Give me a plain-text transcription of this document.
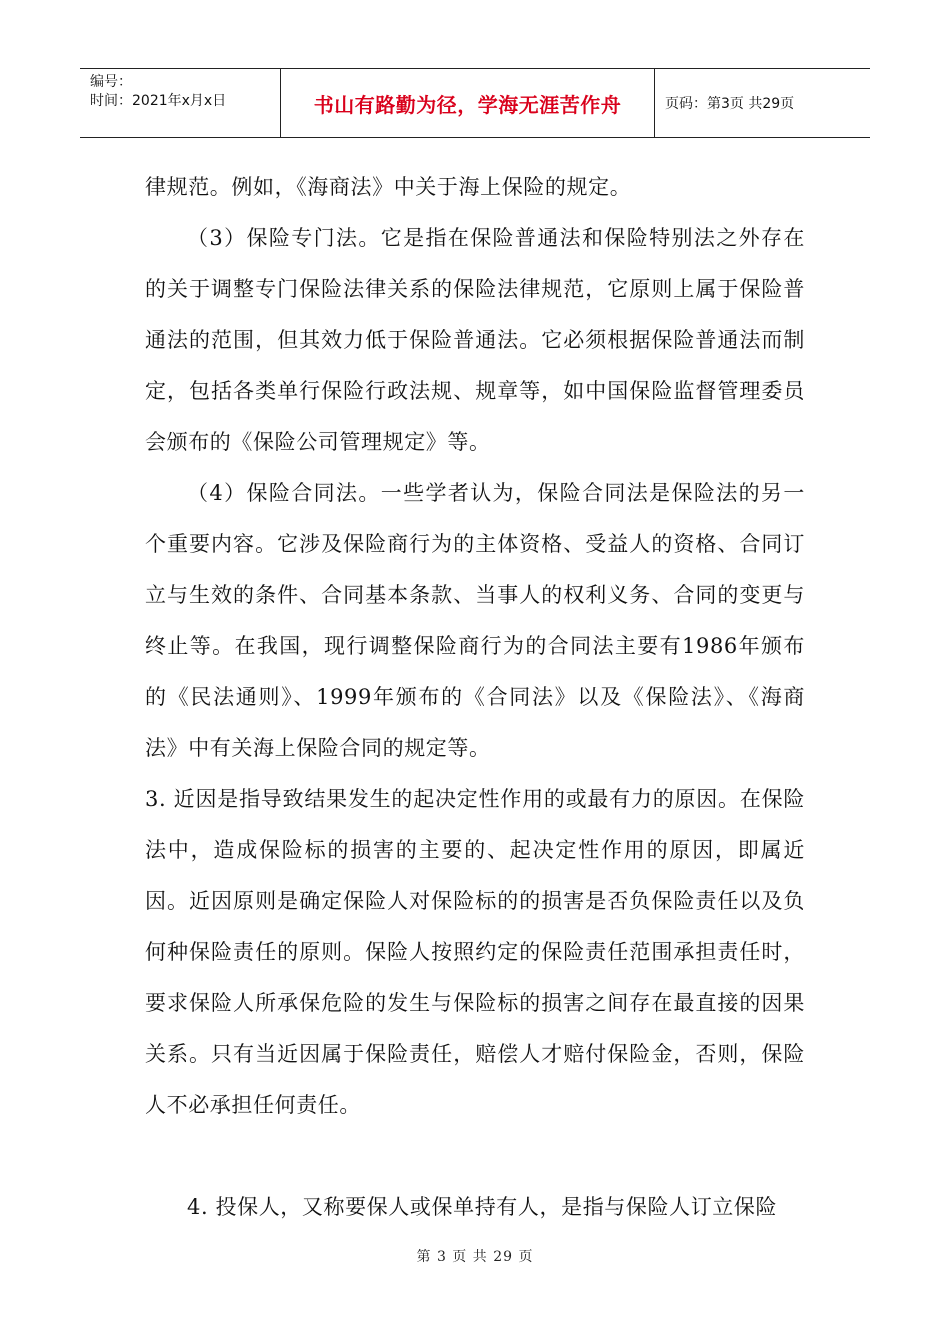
编号：
时间：2021年x月x日	书山有路勤为径，学海无涯苦作舟	页码：第3页 共29页

律规范。例如，《海商法》中关于海上保险的规定。

（3）保险专门法。它是指在保险普通法和保险特别法之外存在的关于调整专门保险法律关系的保险法律规范，它原则上属于保险普通法的范围，但其效力低于保险普通法。它必须根据保险普通法而制定，包括各类单行保险行政法规、规章等，如中国保险监督管理委员会颁布的《保险公司管理规定》等。

（4）保险合同法。一些学者认为，保险合同法是保险法的另一个重要内容。它涉及保险商行为的主体资格、受益人的资格、合同订立与生效的条件、合同基本条款、当事人的权利义务、合同的变更与终止等。在我国，现行调整保险商行为的合同法主要有1986年颁布的《民法通则》、1999年颁布的《合同法》以及《保险法》、《海商法》中有关海上保险合同的规定等。

3. 近因是指导致结果发生的起决定性作用的或最有力的原因。在保险法中，造成保险标的损害的主要的、起决定性作用的原因，即属近因。近因原则是确定保险人对保险标的的损害是否负保险责任以及负何种保险责任的原则。保险人按照约定的保险责任范围承担责任时，要求保险人所承保危险的发生与保险标的损害之间存在最直接的因果关系。只有当近因属于保险责任，赔偿人才赔付保险金，否则，保险人不必承担任何责任。

4. 投保人，又称要保人或保单持有人，是指与保险人订立保险

第 3 页 共 29 页
